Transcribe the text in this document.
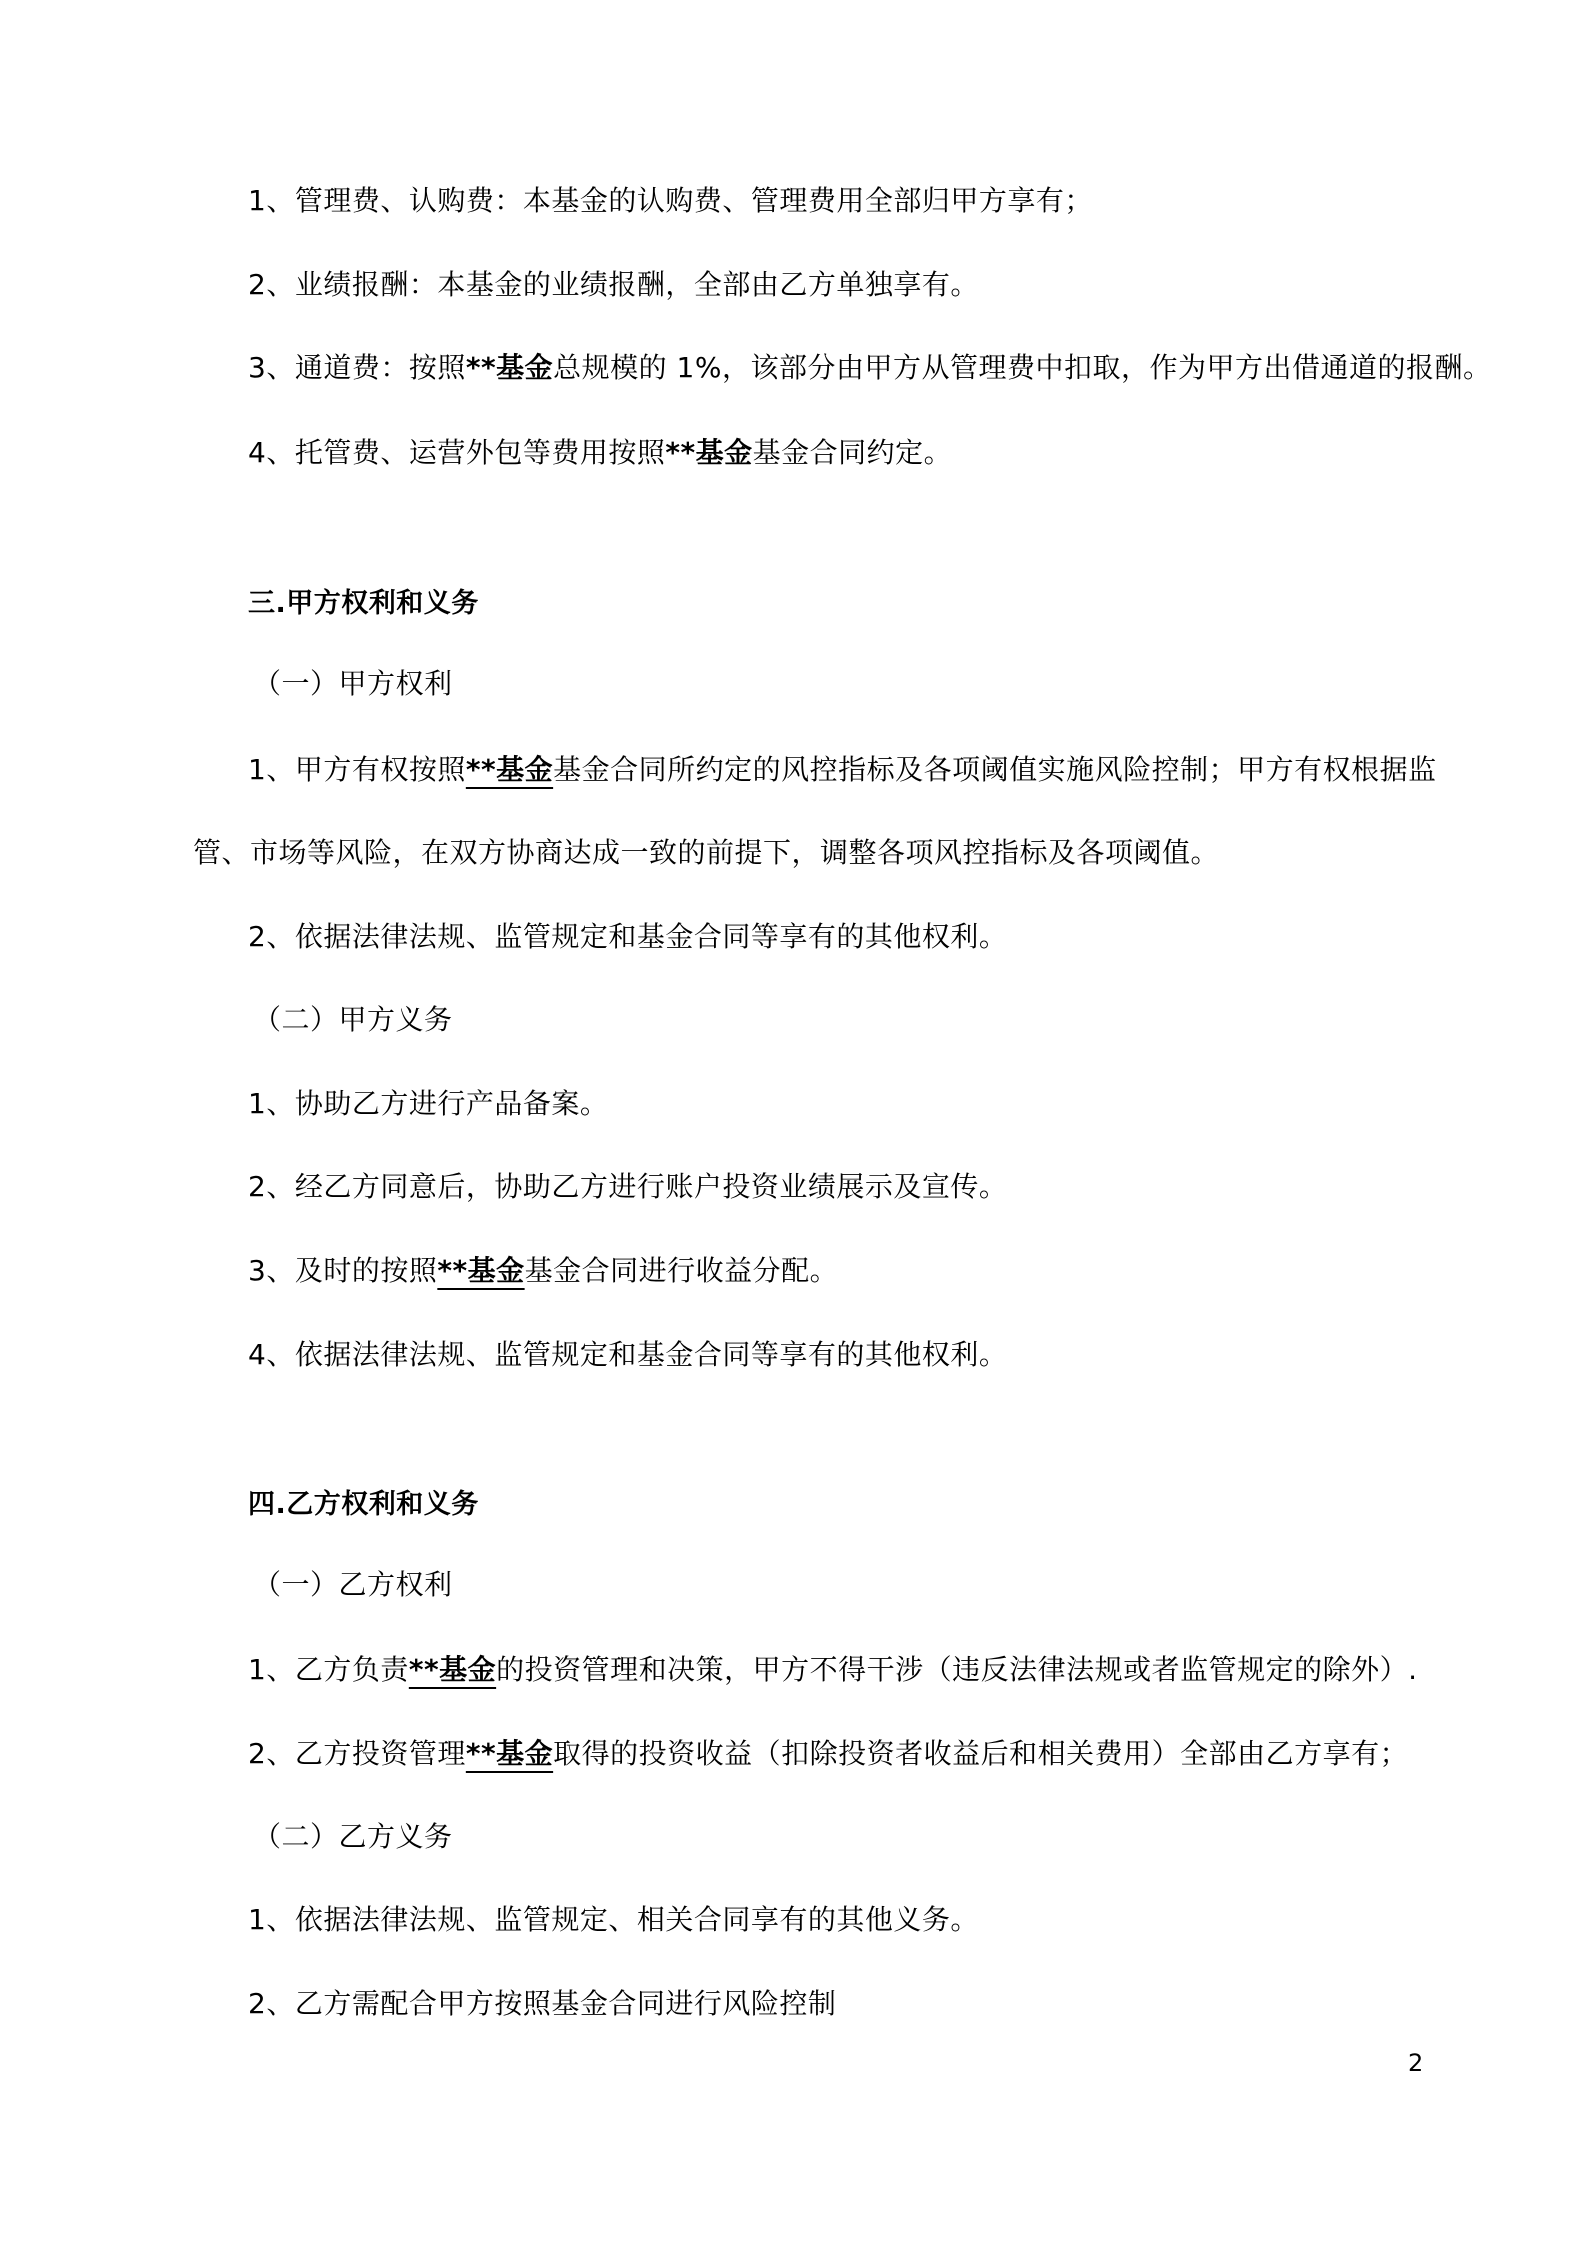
1、管理费、认购费：本基金的认购费、管理费用全部归甲方享有；
2、业绩报酬：本基金的业绩报酬，全部由乙方单独享有。
3、通道费：按照**基金总规模的 1%，该部分由甲方从管理费中扣取，作为甲方出借通道的报酬。
4、托管费、运营外包等费用按照**基金基金合同约定。
三.甲方权利和义务
（一）甲方权利
1、甲方有权按照**基金基金合同所约定的风控指标及各项阈值实施风险控制；甲方有权根据监
管、市场等风险，在双方协商达成一致的前提下，调整各项风控指标及各项阈值。
2、依据法律法规、监管规定和基金合同等享有的其他权利。
（二）甲方义务
1、协助乙方进行产品备案。
2、经乙方同意后，协助乙方进行账户投资业绩展示及宣传。
3、及时的按照**基金基金合同进行收益分配。
4、依据法律法规、监管规定和基金合同等享有的其他权利。
四.乙方权利和义务
（一）乙方权利
1、乙方负责**基金的投资管理和决策，甲方不得干涉（违反法律法规或者监管规定的除外）.
2、乙方投资管理**基金取得的投资收益（扣除投资者收益后和相关费用）全部由乙方享有；
（二）乙方义务
1、依据法律法规、监管规定、相关合同享有的其他义务。
2、乙方需配合甲方按照基金合同进行风险控制
2
